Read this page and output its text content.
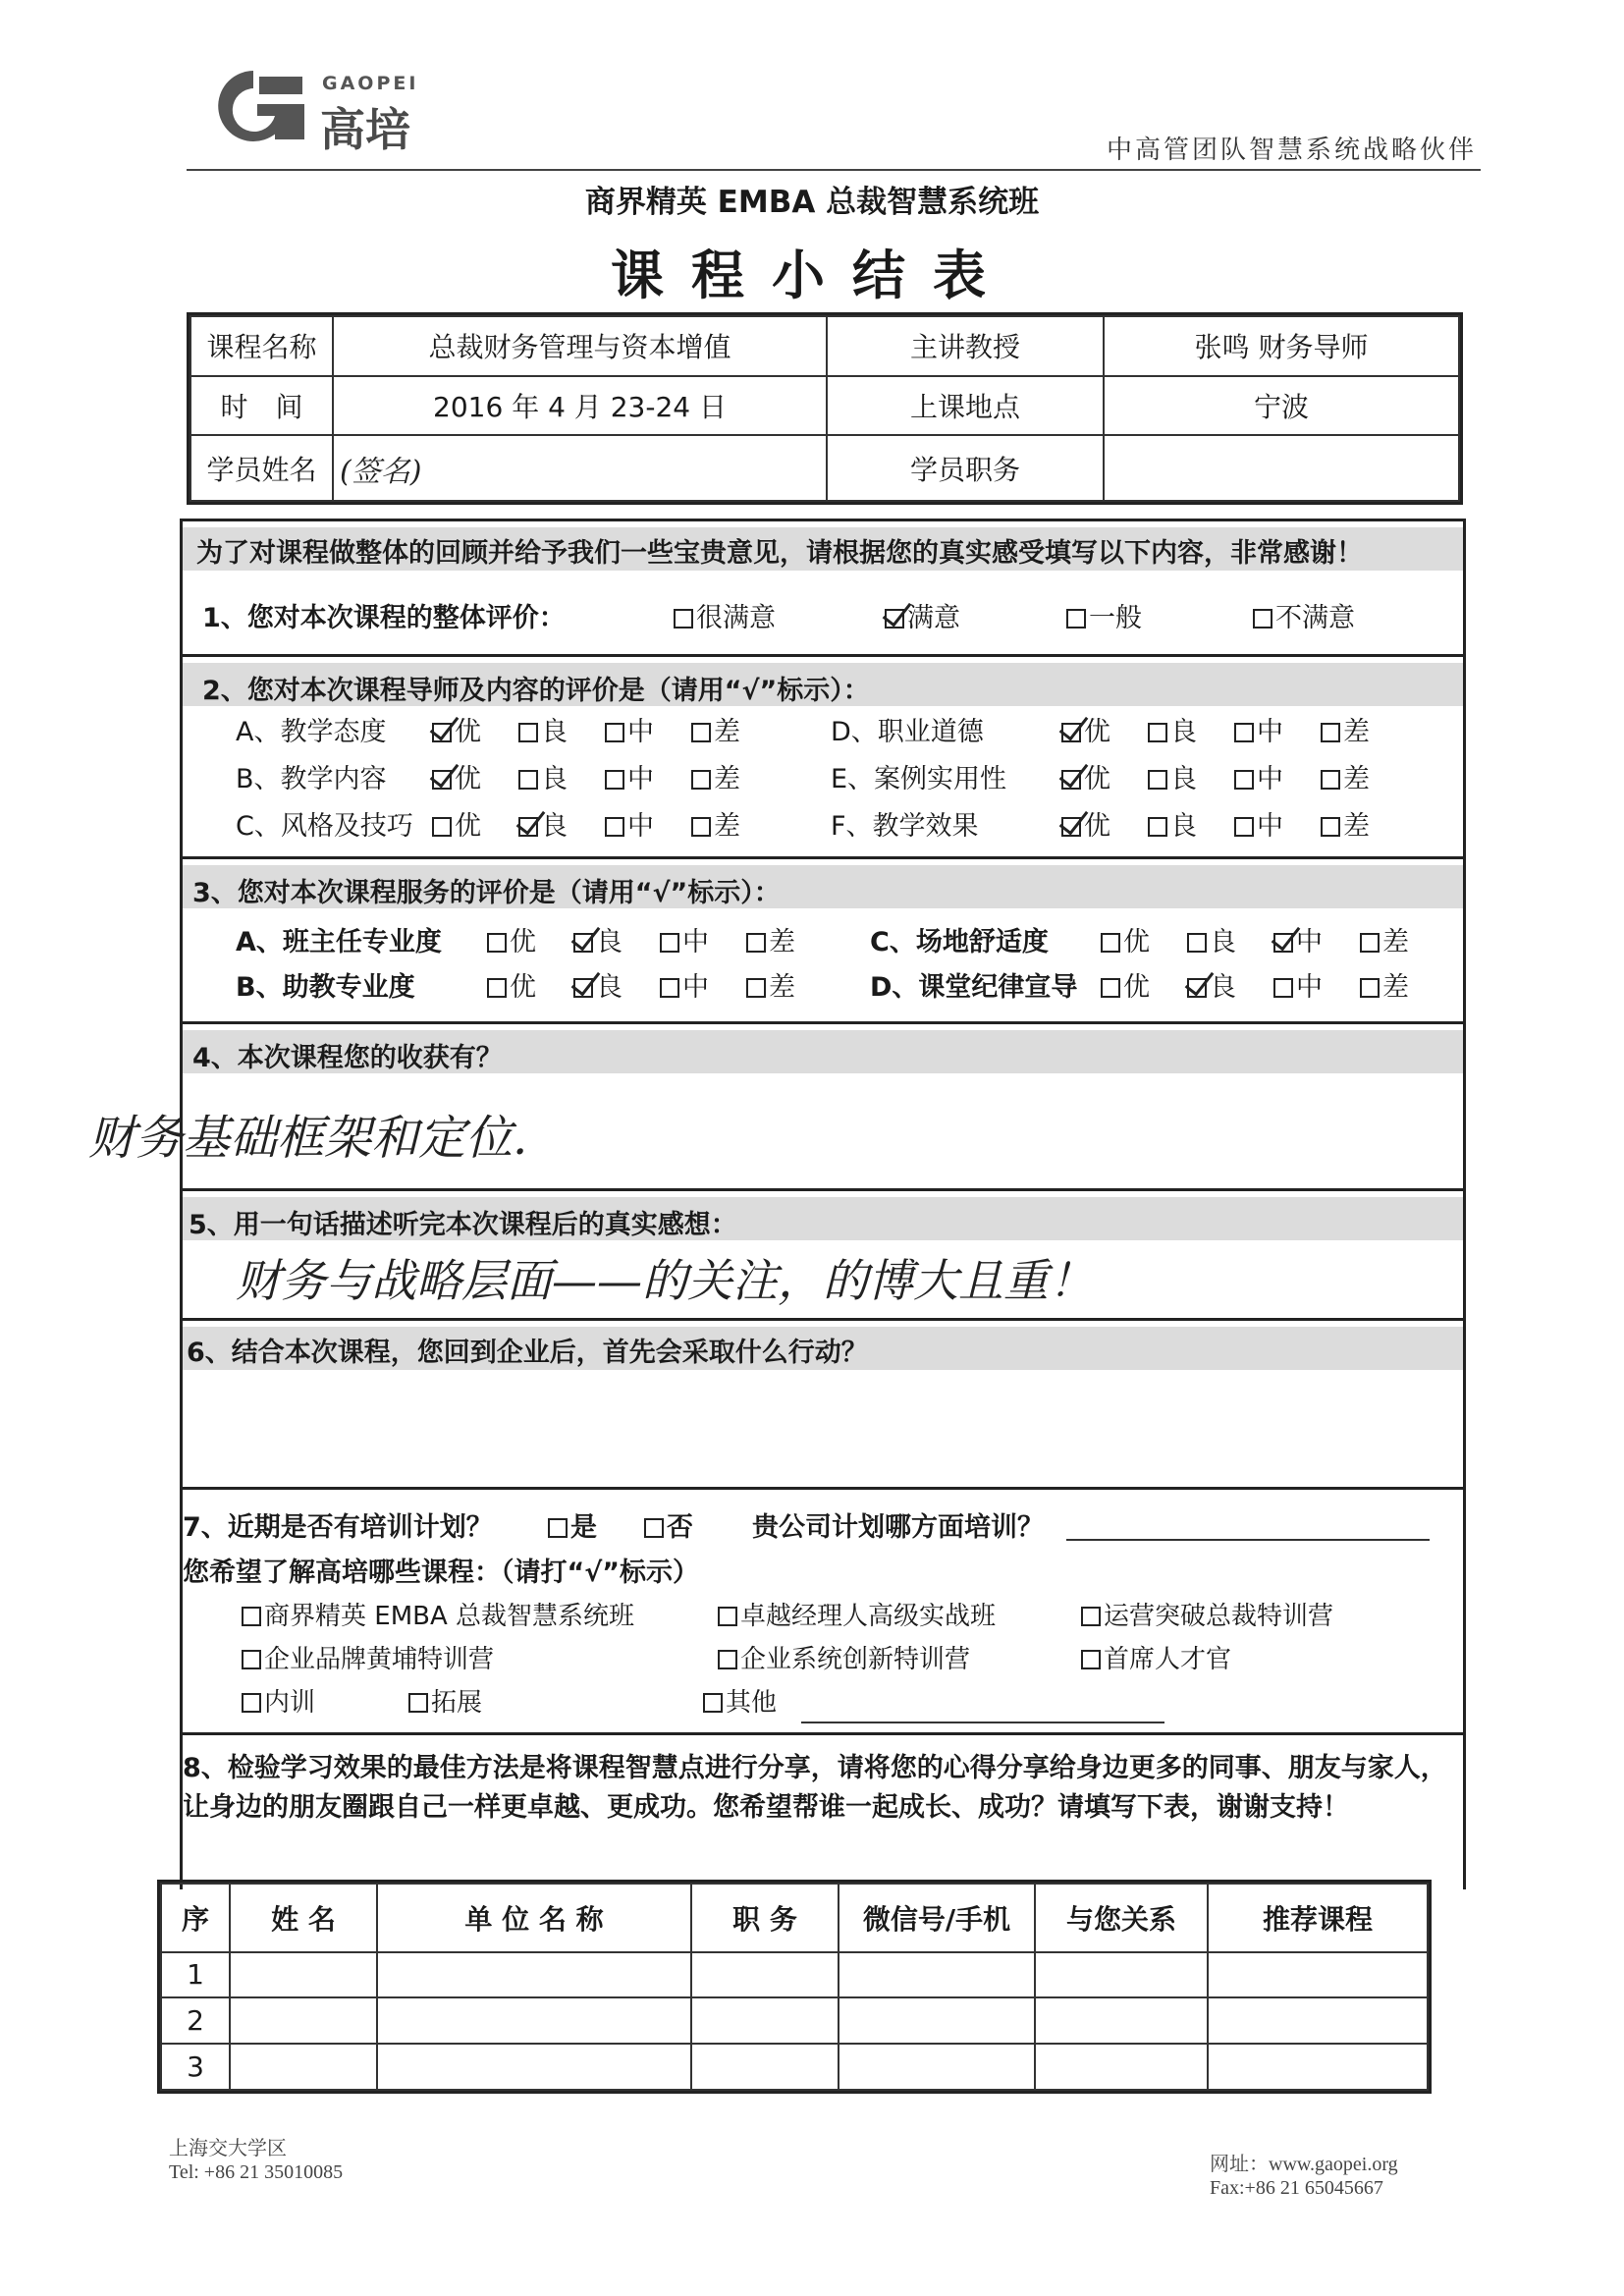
GAOPEI
高培	中高管团队智慧系统战略伙伴
商界精英 EMBA 总裁智慧系统班
课程小结表
课程名称	总裁财务管理与资本增值	主讲教授	张鸣 财务导师
时　间	2016 年 4 月 23-24 日	上课地点	宁波
学员姓名	(签名)	学员职务	
为了对课程做整体的回顾并给予我们一些宝贵意见，请根据您的真实感受填写以下内容，非常感谢！
1、您对本次课程的整体评价：	很满意	满意	一般	不满意
2、您对本次课程导师及内容的评价是（请用“√”标示）：
A、教学态度	优	良	中	差
B、教学内容	优	良	中	差
C、风格及技巧	优	良	中	差
D、职业道德	优	良	中	差
E、案例实用性	优	良	中	差
F、教学效果	优	良	中	差
3、您对本次课程服务的评价是（请用“√”标示）：
A、班主任专业度	优	良	中	差
B、助教专业度	优	良	中	差
C、场地舒适度	优	良	中	差
D、课堂纪律宣导	优	良	中	差
4、本次课程您的收获有？
财务基础框架和定位.
5、用一句话描述听完本次课程后的真实感想：
财务与战略层面——的关注，的博大且重！
6、结合本次课程，您回到企业后，首先会采取什么行动？
7、近期是否有培训计划？	是	否 贵公司计划哪方面培训？
您希望了解高培哪些课程：（请打“√”标示）
商界精英 EMBA 总裁智慧系统班	卓越经理人高级实战班	运营突破总裁特训营
企业品牌黄埔特训营	企业系统创新特训营	首席人才官
内训	拓展	其他
8、检验学习效果的最佳方法是将课程智慧点进行分享，请将您的心得分享给身边更多的同事、朋友与家人，让身边的朋友圈跟自己一样更卓越、更成功。您希望帮谁一起成长、成功？请填写下表，谢谢支持！
序	姓 名	单 位 名 称	职 务	微信号/手机	与您关系	推荐课程
1						
2						
3						
上海交大学区
Tel: +86 21 35010085	网址：www.gaopei.org
Fax:+86 21 65045667
